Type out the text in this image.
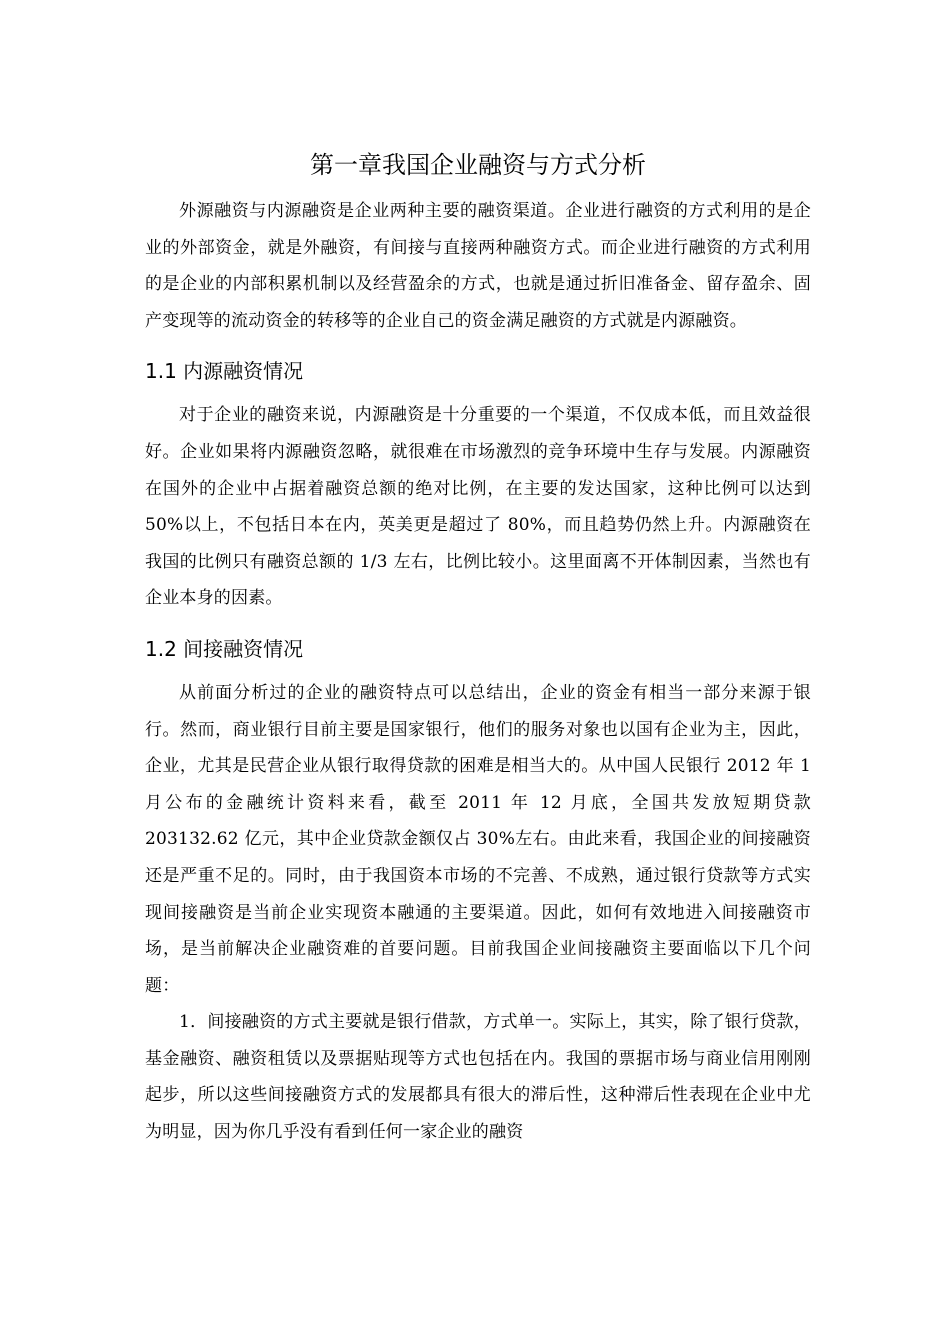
第一章我国企业融资与方式分析

外源融资与内源融资是企业两种主要的融资渠道。企业进行融资的方式利用的是企业的外部资金，就是外融资，有间接与直接两种融资方式。而企业进行融资的方式利用的是企业的内部积累机制以及经营盈余的方式，也就是通过折旧准备金、留存盈余、固产变现等的流动资金的转移等的企业自己的资金满足融资的方式就是内源融资。

1.1 内源融资情况

对于企业的融资来说，内源融资是十分重要的一个渠道，不仅成本低，而且效益很好。企业如果将内源融资忽略，就很难在市场激烈的竞争环境中生存与发展。内源融资在国外的企业中占据着融资总额的绝对比例，在主要的发达国家，这种比例可以达到50%以上，不包括日本在内，英美更是超过了 80%，而且趋势仍然上升。内源融资在我国的比例只有融资总额的 1/3 左右，比例比较小。这里面离不开体制因素，当然也有企业本身的因素。

1.2 间接融资情况

从前面分析过的企业的融资特点可以总结出，企业的资金有相当一部分来源于银行。然而，商业银行目前主要是国家银行，他们的服务对象也以国有企业为主，因此，企业，尤其是民营企业从银行取得贷款的困难是相当大的。从中国人民银行 2012 年 1 月公布的金融统计资料来看，截至 2011 年 12 月底，全国共发放短期贷款 203132.62 亿元，其中企业贷款金额仅占 30%左右。由此来看，我国企业的间接融资还是严重不足的。同时，由于我国资本市场的不完善、不成熟，通过银行贷款等方式实现间接融资是当前企业实现资本融通的主要渠道。因此，如何有效地进入间接融资市场，是当前解决企业融资难的首要问题。目前我国企业间接融资主要面临以下几个问题：

1．间接融资的方式主要就是银行借款，方式单一。实际上，其实，除了银行贷款，基金融资、融资租赁以及票据贴现等方式也包括在内。我国的票据市场与商业信用刚刚起步，所以这些间接融资方式的发展都具有很大的滞后性，这种滞后性表现在企业中尤为明显，因为你几乎没有看到任何一家企业的融资
